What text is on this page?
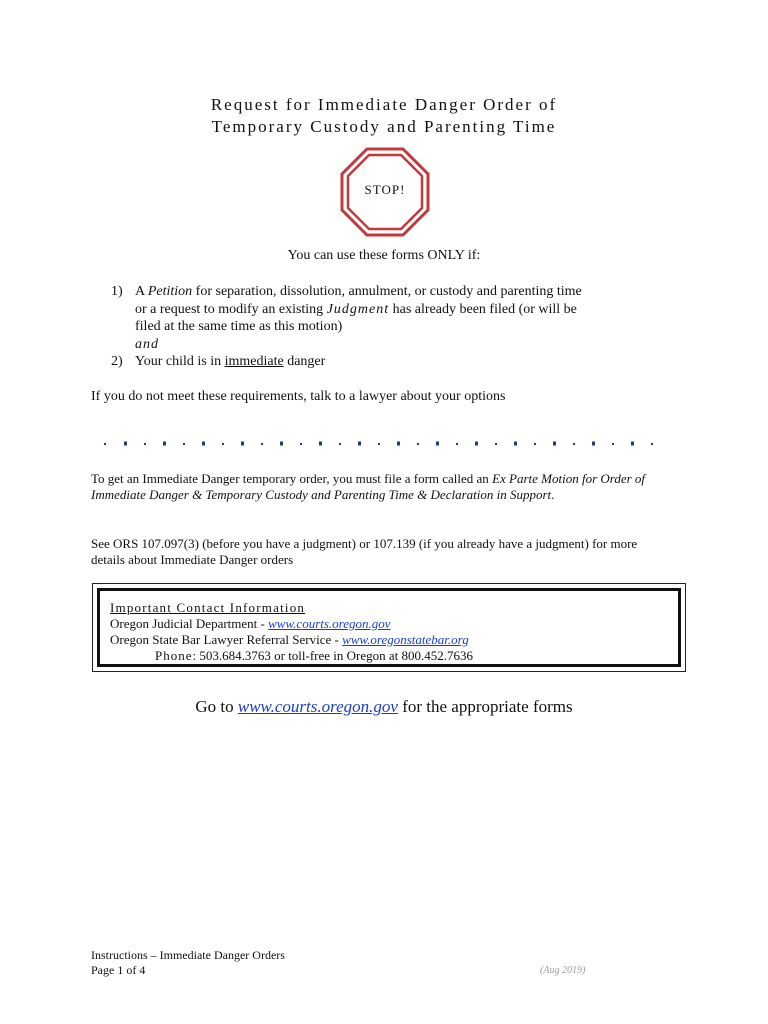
Request for Immediate Danger Order of
Temporary Custody and Parenting Time
STOP!
You can use these forms ONLY if:
1) A Petition for separation, dissolution, annulment, or custody and parenting time
or a request to modify an existing Judgment has already been filed (or will be
filed at the same time as this motion)
and
2) Your child is in immediate danger
If you do not meet these requirements, talk to a lawyer about your options
To get an Immediate Danger temporary order, you must file a form called an Ex Parte Motion for Order of Immediate Danger & Temporary Custody and Parenting Time & Declaration in Support.
See ORS 107.097(3) (before you have a judgment) or 107.139 (if you already have a judgment) for more details about Immediate Danger orders
Important Contact Information
Oregon Judicial Department - www.courts.oregon.gov
Oregon State Bar Lawyer Referral Service - www.oregonstatebar.org
Phone: 503.684.3763 or toll-free in Oregon at 800.452.7636
Go to www.courts.oregon.gov for the appropriate forms
Instructions – Immediate Danger Orders
Page 1 of 4	(Aug 2019)
